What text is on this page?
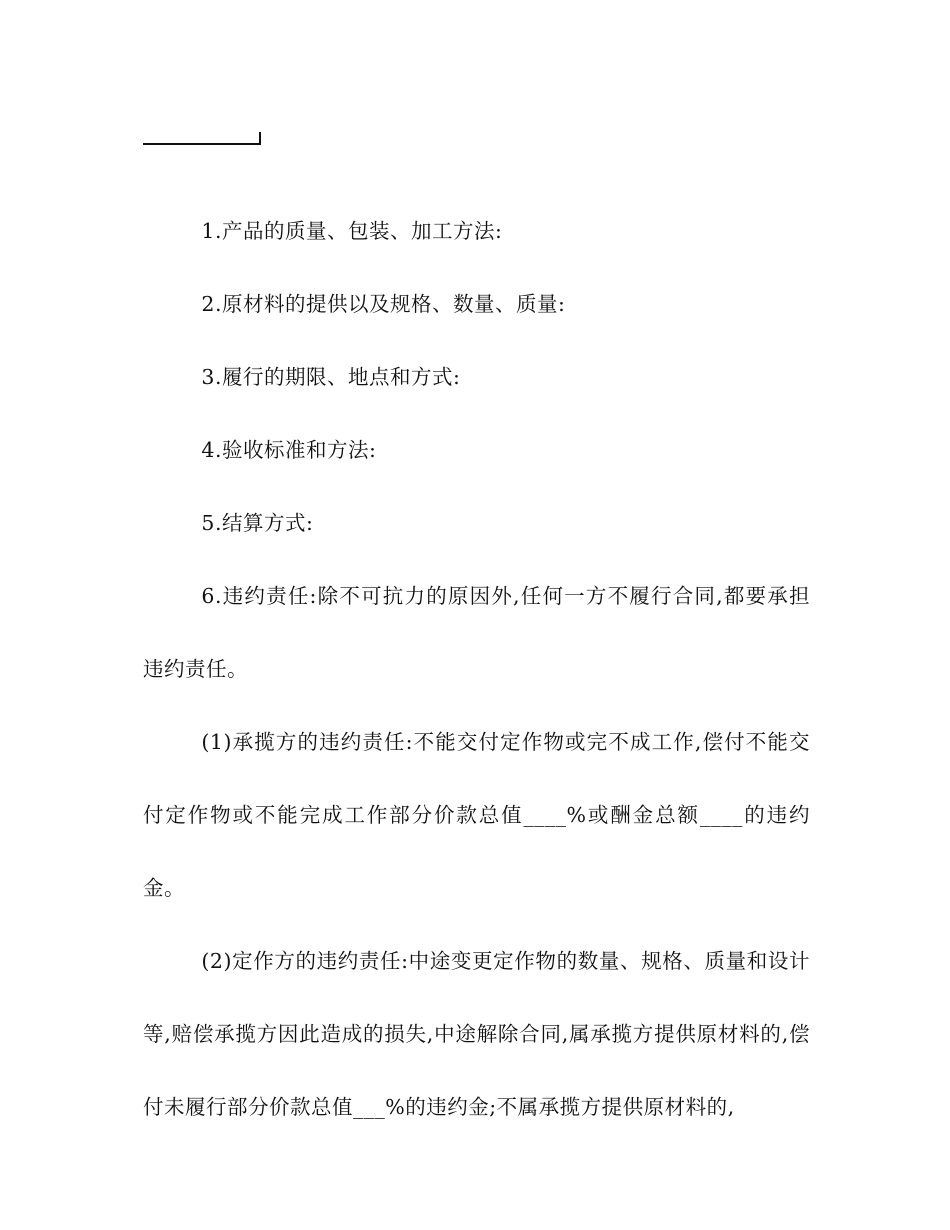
1.产品的质量、包装、加工方法:

2.原材料的提供以及规格、数量、质量:

3.履行的期限、地点和方式:

4.验收标准和方法:

5.结算方式:

6.违约责任:除不可抗力的原因外,任何一方不履行合同,都要承担违约责任。

(1)承揽方的违约责任:不能交付定作物或完不成工作,偿付不能交付定作物或不能完成工作部分价款总值____%或酬金总额____的违约金。

(2)定作方的违约责任:中途变更定作物的数量、规格、质量和设计等,赔偿承揽方因此造成的损失,中途解除合同,属承揽方提供原材料的,偿付未履行部分价款总值___%的违约金;不属承揽方提供原材料的,
